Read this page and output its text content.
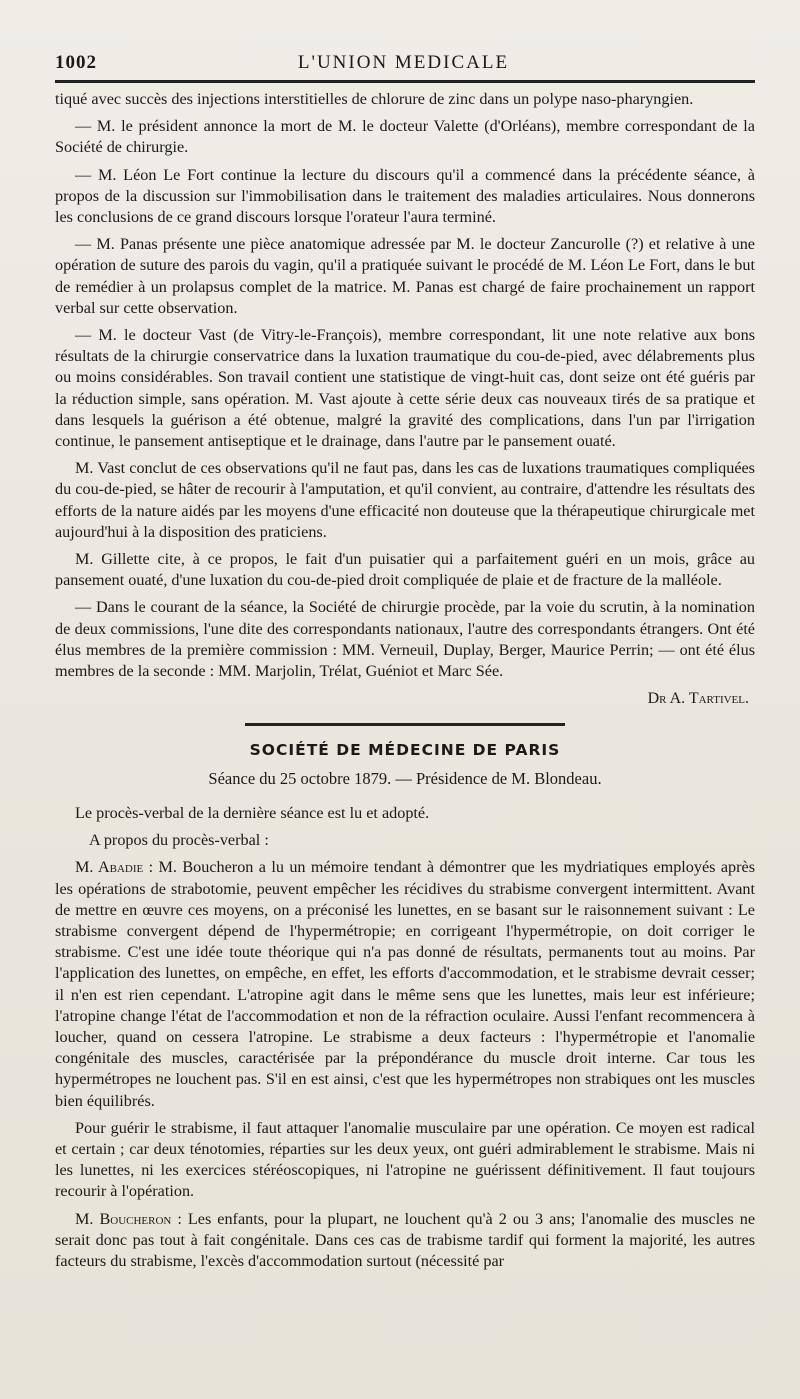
1002	L'UNION MEDICALE

tiqué avec succès des injections interstitielles de chlorure de zinc dans un polype naso-pharyngien.

— M. le président annonce la mort de M. le docteur Valette (d'Orléans), membre correspondant de la Société de chirurgie.

— M. Léon Le Fort continue la lecture du discours qu'il a commencé dans la précédente séance, à propos de la discussion sur l'immobilisation dans le traitement des maladies articulaires. Nous donnerons les conclusions de ce grand discours lorsque l'orateur l'aura terminé.

— M. Panas présente une pièce anatomique adressée par M. le docteur Zancurolle (?) et relative à une opération de suture des parois du vagin, qu'il a pratiquée suivant le procédé de M. Léon Le Fort, dans le but de remédier à un prolapsus complet de la matrice. M. Panas est chargé de faire prochainement un rapport verbal sur cette observation.

— M. le docteur Vast (de Vitry-le-François), membre correspondant, lit une note relative aux bons résultats de la chirurgie conservatrice dans la luxation traumatique du cou-de-pied, avec délabrements plus ou moins considérables. Son travail contient une statistique de vingt-huit cas, dont seize ont été guéris par la réduction simple, sans opération. M. Vast ajoute à cette série deux cas nouveaux tirés de sa pratique et dans lesquels la guérison a été obtenue, malgré la gravité des complications, dans l'un par l'irrigation continue, le pansement antiseptique et le drainage, dans l'autre par le pansement ouaté.

M. Vast conclut de ces observations qu'il ne faut pas, dans les cas de luxations traumatiques compliquées du cou-de-pied, se hâter de recourir à l'amputation, et qu'il convient, au contraire, d'attendre les résultats des efforts de la nature aidés par les moyens d'une efficacité non douteuse que la thérapeutique chirurgicale met aujourd'hui à la disposition des praticiens.

M. Gillette cite, à ce propos, le fait d'un puisatier qui a parfaitement guéri en un mois, grâce au pansement ouaté, d'une luxation du cou-de-pied droit compliquée de plaie et de fracture de la malléole.

— Dans le courant de la séance, la Société de chirurgie procède, par la voie du scrutin, à la nomination de deux commissions, l'une dite des correspondants nationaux, l'autre des correspondants étrangers. Ont été élus membres de la première commission : MM. Verneuil, Duplay, Berger, Maurice Perrin; — ont été élus membres de la seconde : MM. Marjolin, Trélat, Guéniot et Marc Sée.

Dr A. Tartivel.
SOCIÉTÉ DE MÉDECINE DE PARIS
Séance du 25 octobre 1879. — Présidence de M. Blondeau.

Le procès-verbal de la dernière séance est lu et adopté.

A propos du procès-verbal :

M. Abadie : M. Boucheron a lu un mémoire tendant à démontrer que les mydriatiques employés après les opérations de strabotomie, peuvent empêcher les récidives du strabisme convergent intermittent. Avant de mettre en œuvre ces moyens, on a préconisé les lunettes, en se basant sur le raisonnement suivant : Le strabisme convergent dépend de l'hypermétropie; en corrigeant l'hypermétropie, on doit corriger le strabisme. C'est une idée toute théorique qui n'a pas donné de résultats, permanents tout au moins. Par l'application des lunettes, on empêche, en effet, les efforts d'accommodation, et le strabisme devrait cesser; il n'en est rien cependant. L'atropine agit dans le même sens que les lunettes, mais leur est inférieure; l'atropine change l'état de l'accommodation et non de la réfraction oculaire. Aussi l'enfant recommencera à loucher, quand on cessera l'atropine. Le strabisme a deux facteurs : l'hypermétropie et l'anomalie congénitale des muscles, caractérisée par la prépondérance du muscle droit interne. Car tous les hypermétropes ne louchent pas. S'il en est ainsi, c'est que les hypermétropes non strabiques ont les muscles bien équilibrés.

Pour guérir le strabisme, il faut attaquer l'anomalie musculaire par une opération. Ce moyen est radical et certain ; car deux ténotomies, réparties sur les deux yeux, ont guéri admirablement le strabisme. Mais ni les lunettes, ni les exercices stéréoscopiques, ni l'atropine ne guérissent définitivement. Il faut toujours recourir à l'opération.

M. Boucheron : Les enfants, pour la plupart, ne louchent qu'à 2 ou 3 ans; l'anomalie des muscles ne serait donc pas tout à fait congénitale. Dans ces cas de trabisme tardif qui forment la majorité, les autres facteurs du strabisme, l'excès d'accommodation surtout (nécessité par
